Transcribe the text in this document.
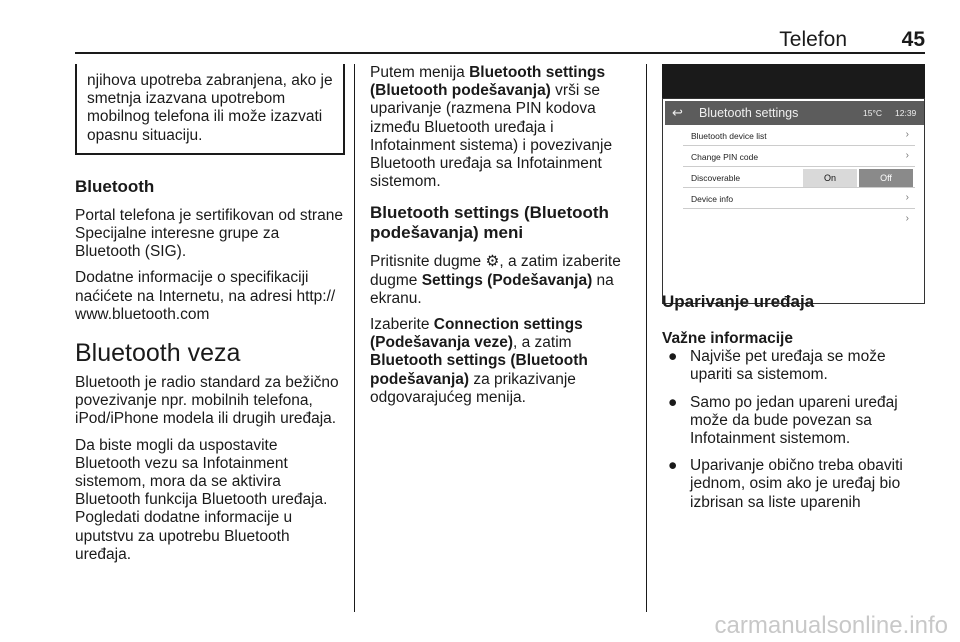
Telefon	45
njihova upotreba zabranjena, ako je smetnja izazvana upotrebom mobilnog telefona ili može izazvati opasnu situaciju.
Bluetooth

Portal telefona je sertifikovan od strane Specijalne interesne grupe za Bluetooth (SIG).

Dodatne informacije o specifikaciji naćićete na Internetu, na adresi http:// www.bluetooth.com

Bluetooth veza

Bluetooth je radio standard za bežično povezivanje npr. mobilnih telefona, iPod/iPhone modela ili drugih uređaja.

Da biste mogli da uspostavite Bluetooth vezu sa Infotainment sistemom, mora da se aktivira Bluetooth funkcija Bluetooth uređaja. Pogledati dodatne informacije u uputstvu za upotrebu Bluetooth uređaja.

Putem menija Bluetooth settings (Bluetooth podešavanja) vrši se uparivanje (razmena PIN kodova između Bluetooth uređaja i Infotainment sistema) i povezivanje Bluetooth uređaja sa Infotainment sistemom.

Bluetooth settings (Bluetooth podešavanja) meni

Pritisnite dugme ⚙, a zatim izaberite dugme Settings (Podešavanja) na ekranu.

Izaberite Connection settings (Podešavanja veze), a zatim Bluetooth settings (Bluetooth podešavanja) za prikazivanje odgovarajućeg menija.

↩ Bluetooth settings	15°C 12:39
Bluetooth device list	›
Change PIN code	›
Discoverable	On	Off
Device info	›
›
Uparivanje uređaja
Važne informacije
● Najviše pet uređaja se može upariti sa sistemom.
● Samo po jedan upareni uređaj može da bude povezan sa Infotainment sistemom.
● Uparivanje obično treba obaviti jednom, osim ako je uređaj bio izbrisan sa liste uparenih
carmanualsonline.info
